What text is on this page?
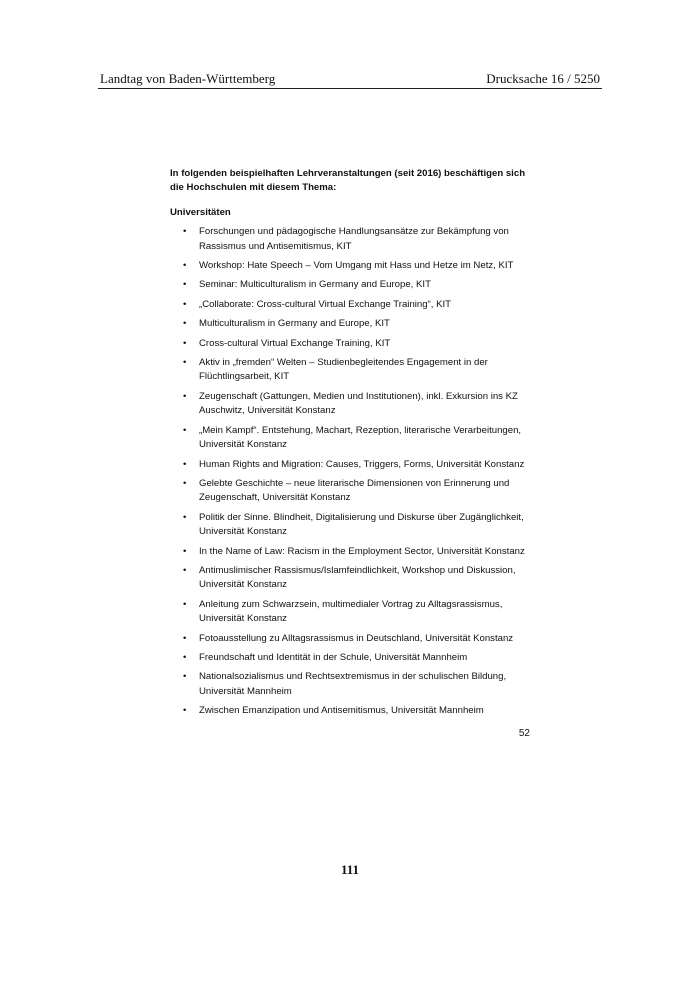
Landtag von Baden-Württemberg	Drucksache 16 / 5250

In folgenden beispielhaften Lehrveranstaltungen (seit 2016) beschäftigen sich die Hochschulen mit diesem Thema:

Universitäten

• Forschungen und pädagogische Handlungsansätze zur Bekämpfung von Rassismus und Antisemitismus, KIT
• Workshop: Hate Speech – Vom Umgang mit Hass und Hetze im Netz, KIT
• Seminar: Multiculturalism in Germany and Europe, KIT
• „Collaborate: Cross-cultural Virtual Exchange Training“, KIT
• Multiculturalism in Germany and Europe, KIT
• Cross-cultural Virtual Exchange Training, KIT
• Aktiv in „fremden“ Welten – Studienbegleitendes Engagement in der Flüchtlingsarbeit, KIT
• Zeugenschaft (Gattungen, Medien und Institutionen), inkl. Exkursion ins KZ Auschwitz, Universität Konstanz
• „Mein Kampf“. Entstehung, Machart, Rezeption, literarische Verarbeitungen, Universität Konstanz
• Human Rights and Migration: Causes, Triggers, Forms, Universität Konstanz
• Gelebte Geschichte – neue literarische Dimensionen von Erinnerung und Zeugenschaft, Universität Konstanz
• Politik der Sinne. Blindheit, Digitalisierung und Diskurse über Zugänglichkeit, Universität Konstanz
• In the Name of Law: Racism in the Employment Sector, Universität Konstanz
• Antimuslimischer Rassismus/Islamfeindlichkeit, Workshop und Diskussion, Universität Konstanz
• Anleitung zum Schwarzsein, multimedialer Vortrag zu Alltagsrassismus, Universität Konstanz
• Fotoausstellung zu Alltagsrassismus in Deutschland, Universität Konstanz
• Freundschaft und Identität in der Schule, Universität Mannheim
• Nationalsozialismus und Rechtsextremismus in der schulischen Bildung, Universität Mannheim
• Zwischen Emanzipation und Antisemitismus, Universität Mannheim
52
111
